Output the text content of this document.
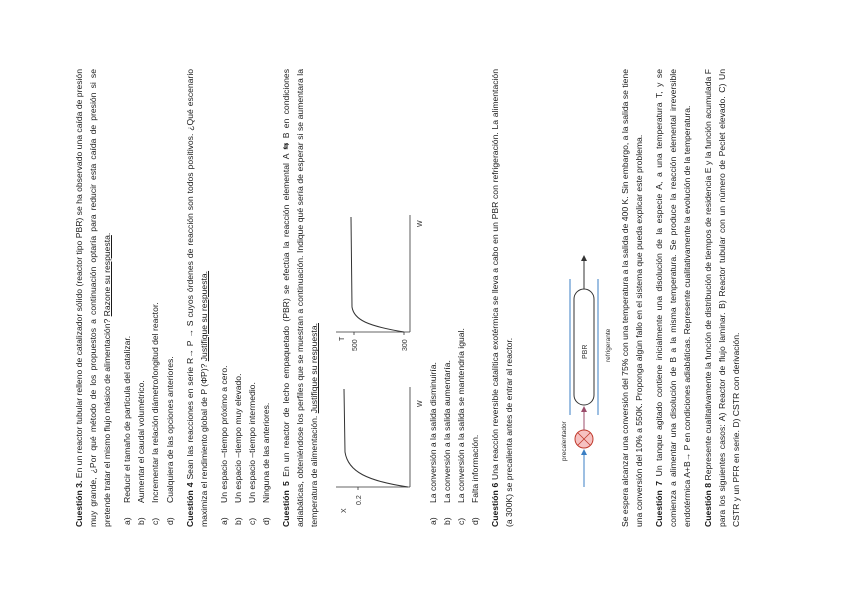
Cuestión 3. En un reactor tubular relleno de catalizador sólido (reactor tipo PBR) se ha observado una caída de presión muy grande, ¿Por qué método de los propuestos a continuación optaría para reducir esta caída de presión si se pretende tratar el mismo flujo másico de alimentación? Razone su respuesta.

a)
Reducir el tamaño de partícula del catalizar.
b)
Aumentar el caudal volumétrico.
c)
Incrementar la relación diámetro/longitud del reactor.
d)
Cualquiera de las opciones anteriores.

Cuestión 4 Sean las reacciones en serie R→ P → S cuyos órdenes de reacción son todos positivos. ¿Qué escenario maximiza el rendimiento global de P (Φ̄P)? Justifique su respuesta.

a)
Un espacio –tiempo próximo a cero.
b)
Un espacio –tiempo muy elevado.
c)
Un espacio –tiempo intermedio.
d)
Ninguna de las anteriores.

Cuestión 5 En un reactor de lecho empaquetado (PBR) se efectúa la reacción elemental A ⇆ B en condiciones adiabáticas, obteniéndose los perfiles que se muestran a continuación. Indique qué sería de esperar si se aumentara la temperatura de alimentación. Justifique su respuesta.

0.2
X
W
300
500
T
W
a)
La conversión a la salida disminuiría.
b)
La conversión a la salida aumentaría.
c)
La conversión a la salida se mantendría igual.
d)
Falta información.

Cuestión 6 Una reacción reversible catalítica exotérmica se lleva a cabo en un PBR con refrigeración. La alimentación (a 300K) se precalienta antes de entrar al reactor.	precalentador
PBR refrigerante Se espera alcanzar una conversión del 75% con una temperatura a la salida de 400 K. Sin embargo, a la salida se tiene una conversión del 10% a 550K. Proponga algún fallo en el sistema que pueda explicar este problema. Cuestión 7 Un tanque agitado contiene inicialmente una disolución de la especie A, a una temperatura T, y se comienza a alimentar una disolución de B a la misma temperatura. Se produce la reacción elemental irreversible endotérmica A+B→ P en condiciones adiabáticas. Represente cualitativamente la evolución de la temperatura. Cuestión 8 Represente cualitativamente la función de distribución de tiempos de residencia E y la función acumulada F para los siguientes casos: A) Reactor de flujo laminar. B) Reactor tubular con un número de Peclet elevado. C) Un CSTR y un PFR en serie. D) CSTR con derivación.
